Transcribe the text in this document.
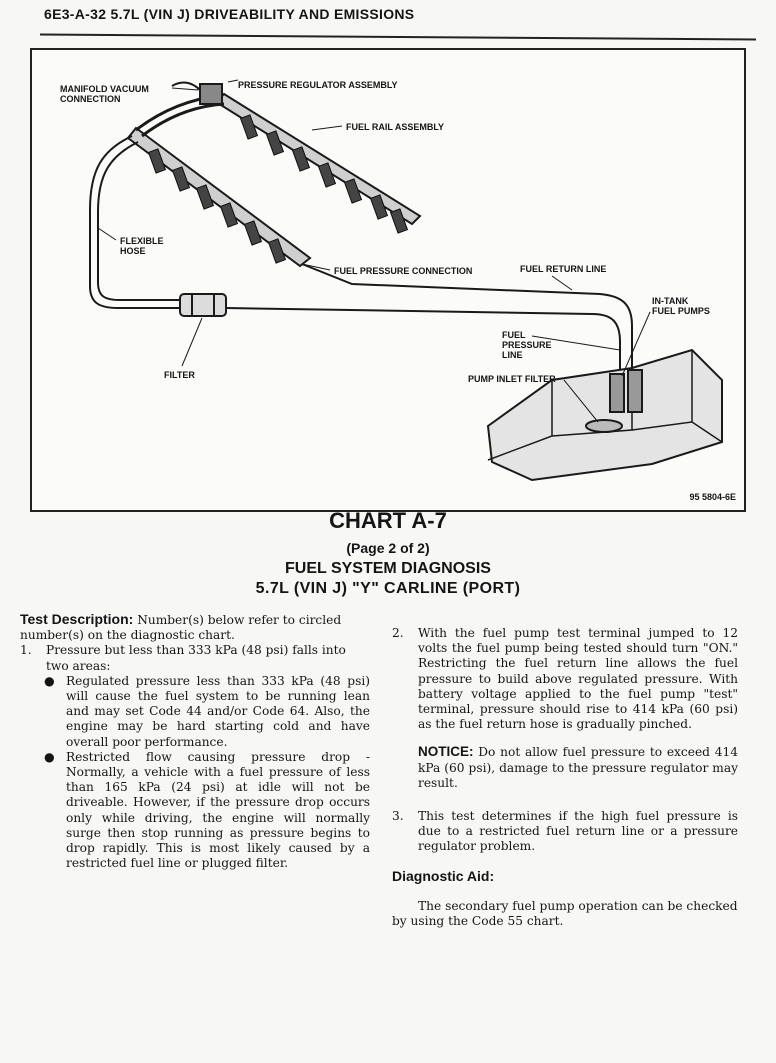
6E3-A-32 5.7L (VIN J) DRIVEABILITY AND EMISSIONS
MANIFOLD VACUUM
CONNECTION
PRESSURE REGULATOR ASSEMBLY
FUEL RAIL ASSEMBLY
FLEXIBLE
HOSE
FUEL PRESSURE CONNECTION	FUEL RETURN LINE
IN-TANK
FUEL PUMPS
FUEL
PRESSURE
LINE
FILTER	PUMP INLET FILTER
95 5804-6E
CHART A-7
(Page 2 of 2)
FUEL SYSTEM DIAGNOSIS
5.7L (VIN J) "Y" CARLINE (PORT)

Test Description: Number(s) below refer to circled

number(s) on the diagnostic chart.

1. Pressure but less than 333 kPa (48 psi) falls into two areas:
● Regulated pressure less than 333 kPa (48 psi) will cause the fuel system to be running lean and may set Code 44 and/or Code 64. Also, the engine may be hard starting cold and have overall poor performance.
● Restricted flow causing pressure drop - Normally, a vehicle with a fuel pressure of less than 165 kPa (24 psi) at idle will not be driveable. However, if the pressure drop occurs only while driving, the engine will normally surge then stop running as pressure begins to drop rapidly. This is most likely caused by a restricted fuel line or plugged filter.
2. With the fuel pump test terminal jumped to 12 volts the fuel pump being tested should turn "ON." Restricting the fuel return line allows the fuel pressure to build above regulated pressure. With battery voltage applied to the fuel pump "test" terminal, pressure should rise to 414 kPa (60 psi) as the fuel return hose is gradually pinched.
NOTICE: Do not allow fuel pressure to exceed 414 kPa (60 psi), damage to the pressure regulator may result.
3. This test determines if the high fuel pressure is due to a restricted fuel return line or a pressure regulator problem.

Diagnostic Aid:

The secondary fuel pump operation can be checked by using the Code 55 chart.
